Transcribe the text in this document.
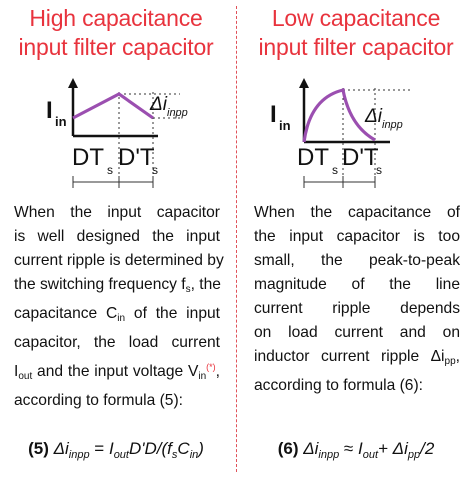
High capacitance
input filter capacitor
I in
Δi inpp
DT s D'T
s
When the input capacitor
is well designed the input
current ripple is determined by
the switching frequency $f_s$, the
capacitance $C_{in}$ of the input
capacitor, the load current
$I_{out}$ and the input voltage $V_{in}^{(*)}$,
according to formula (5):
(5) $\Delta i_{inpp} = I_{out}D'D/(f_sC_{in})$
Low capacitance
input filter capacitor
I in	Δi inpp
DT s D'T
s
When the capacitance of
the input capacitor is too
small, the peak-to-peak
magnitude of the line
current ripple depends
on load current and on
inductor current ripple $\Delta i_{pp}$,
according to formula (6):
(6) $\Delta i_{inpp} \approx I_{out}+ \Delta i_{pp}/2$
